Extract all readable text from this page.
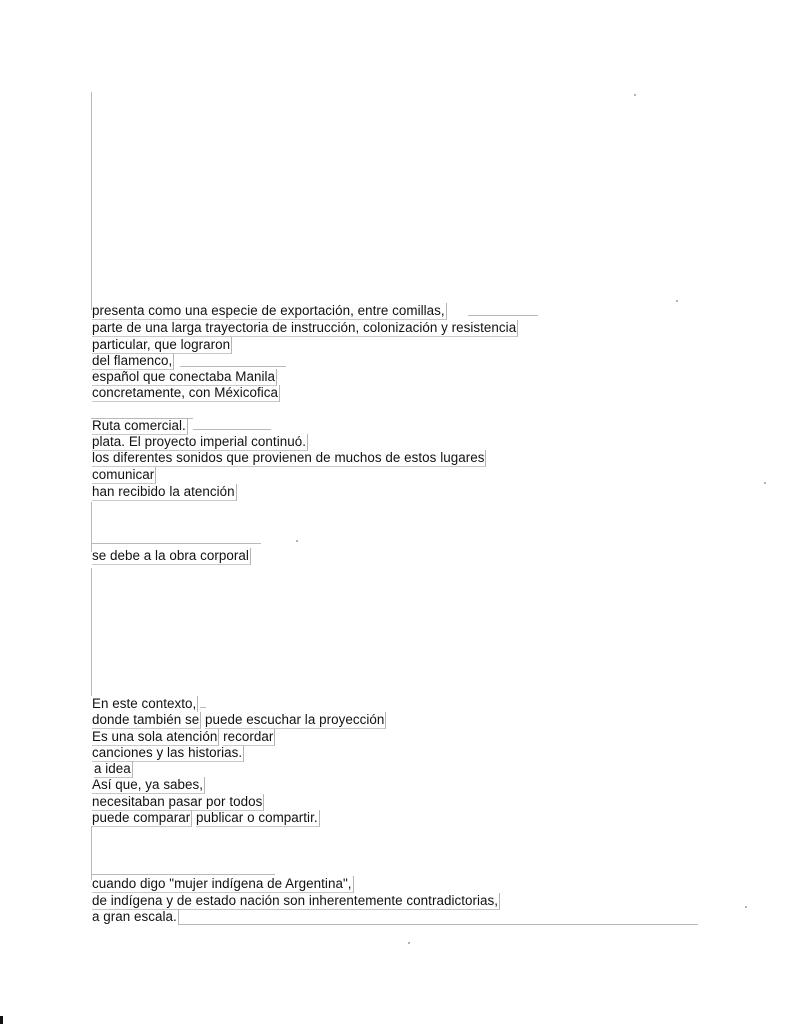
presenta como una especie de exportación, entre comillas,
parte de una larga trayectoria de instrucción, colonización y resistencia
particular, que lograron
del flamenco,
español que conectaba Manila
concretamente, con Méxicofica
Ruta comercial.
plata. El proyecto imperial continuó.
los diferentes sonidos que provienen de muchos de estos lugares
comunicar
han recibido la atención
se debe a la obra corporal
En este contexto,
donde también se puede escuchar la proyección
Es una sola atención recordar
canciones y las historias.
a idea
Así que, ya sabes,
necesitaban pasar por todos
puede comparar publicar o compartir.
cuando digo "mujer indígena de Argentina",
de indígena y de estado nación son inherentemente contradictorias,
a gran escala.
